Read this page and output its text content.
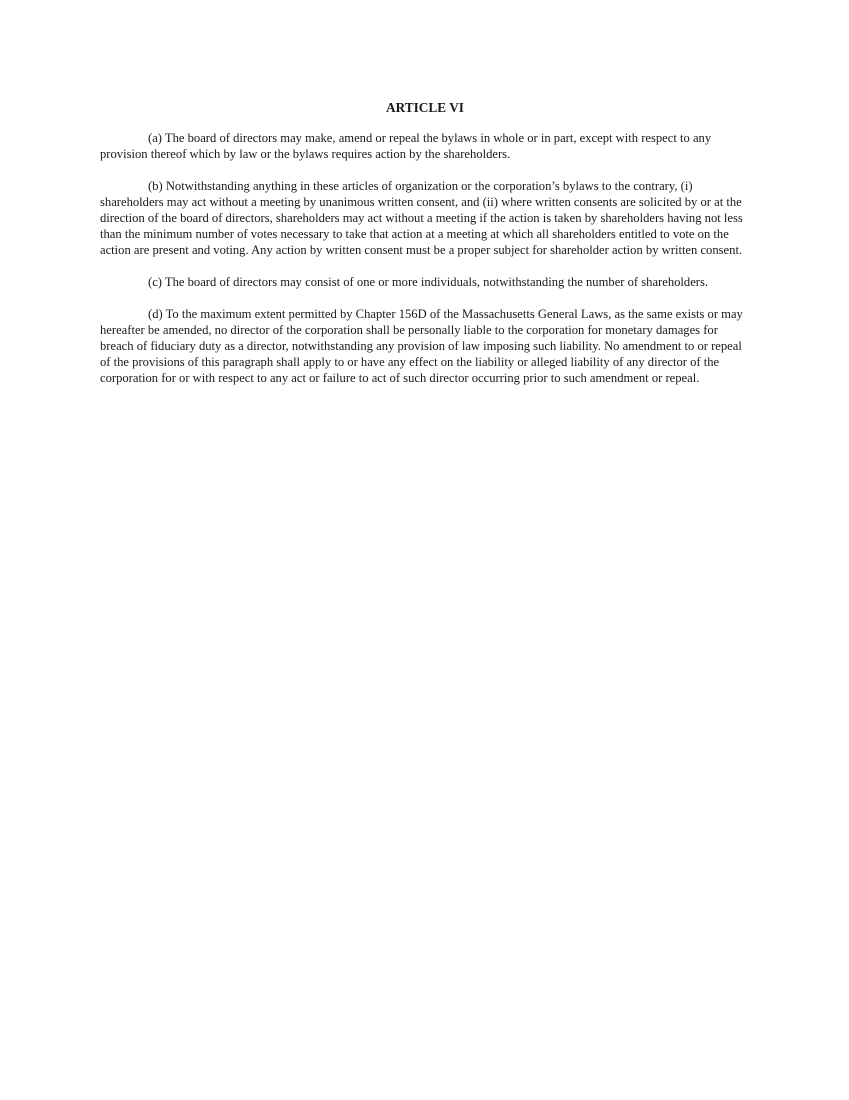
ARTICLE VI

(a) The board of directors may make, amend or repeal the bylaws in whole or in part, except with respect to any provision thereof which by law or the bylaws requires action by the shareholders.

(b) Notwithstanding anything in these articles of organization or the corporation’s bylaws to the contrary, (i) shareholders may act without a meeting by unanimous written consent, and (ii) where written consents are solicited by or at the direction of the board of directors, shareholders may act without a meeting if the action is taken by shareholders having not less than the minimum number of votes necessary to take that action at a meeting at which all shareholders entitled to vote on the action are present and voting. Any action by written consent must be a proper subject for shareholder action by written consent.

(c) The board of directors may consist of one or more individuals, notwithstanding the number of shareholders.

(d) To the maximum extent permitted by Chapter 156D of the Massachusetts General Laws, as the same exists or may hereafter be amended, no director of the corporation shall be personally liable to the corporation for monetary damages for breach of fiduciary duty as a director, notwithstanding any provision of law imposing such liability. No amendment to or repeal of the provisions of this paragraph shall apply to or have any effect on the liability or alleged liability of any director of the corporation for or with respect to any act or failure to act of such director occurring prior to such amendment or repeal.
